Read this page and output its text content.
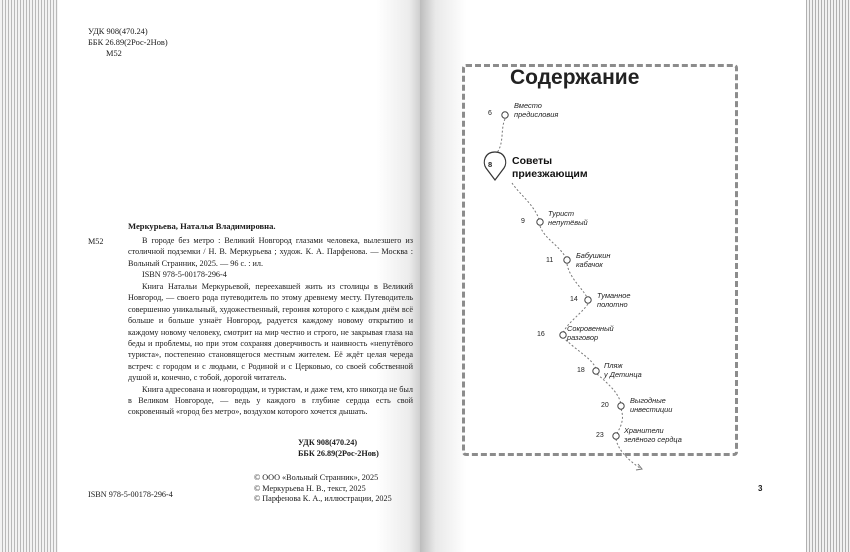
УДК 908(470.24)
ББК 26.89(2Рос-2Нов)
М52
Меркурьева, Наталья Владимировна.
М52	В городе без метро : Великий Новгород глазами человека, вылезшего из столичной подземки / Н. В. Меркурьева ; худож. К. А. Парфенова. — Москва : Вольный Странник, 2025. — 96 с. : ил.

ISBN 978-5-00178-296-4

Книга Натальи Меркурьевой, переехавшей жить из столицы в Великий Новгород, — своего рода путеводитель по этому древнему месту. Путеводитель совершенно уникальный, художественный, героиня которого с каждым днём всё больше и больше узнаёт Новгород, радуется каждому новому открытию и каждому новому человеку, смотрит на мир честно и строго, не закрывая глаза на беды и проблемы, но при этом сохраняя доверчивость и наивность «непутёвого туриста», постепенно становящегося местным жителем. Её ждёт целая череда встреч: с городом и с людьми, с Родиной и с Церковью, со своей собственной душой и, конечно, с тобой, дорогой читатель.

Книга адресована и новгородцам, и туристам, и даже тем, кто никогда не был в Великом Новгороде, — ведь у каждого в глубине сердца есть свой сокровенный «город без метро», воздухом которого хочется дышать.

УДК 908(470.24)
ББК 26.89(2Рос-2Нов)
ISBN 978-5-00178-296-4
© ООО «Вольный Странник», 2025
© Меркурьева Н. В., текст, 2025
© Парфенова К. А., иллюстрации, 2025
Содержание
8 Советы
приезжающим
6
Вместо
предисловия
9
Турист
непутёвый
11
Бабушкин
кабачок
14	Туманное
полотно
16
Сокровенный
разговор
18
Пляж
у Детинца
20
Выгодные
инвестиции
23
Хранители
зелёного сердца
3
